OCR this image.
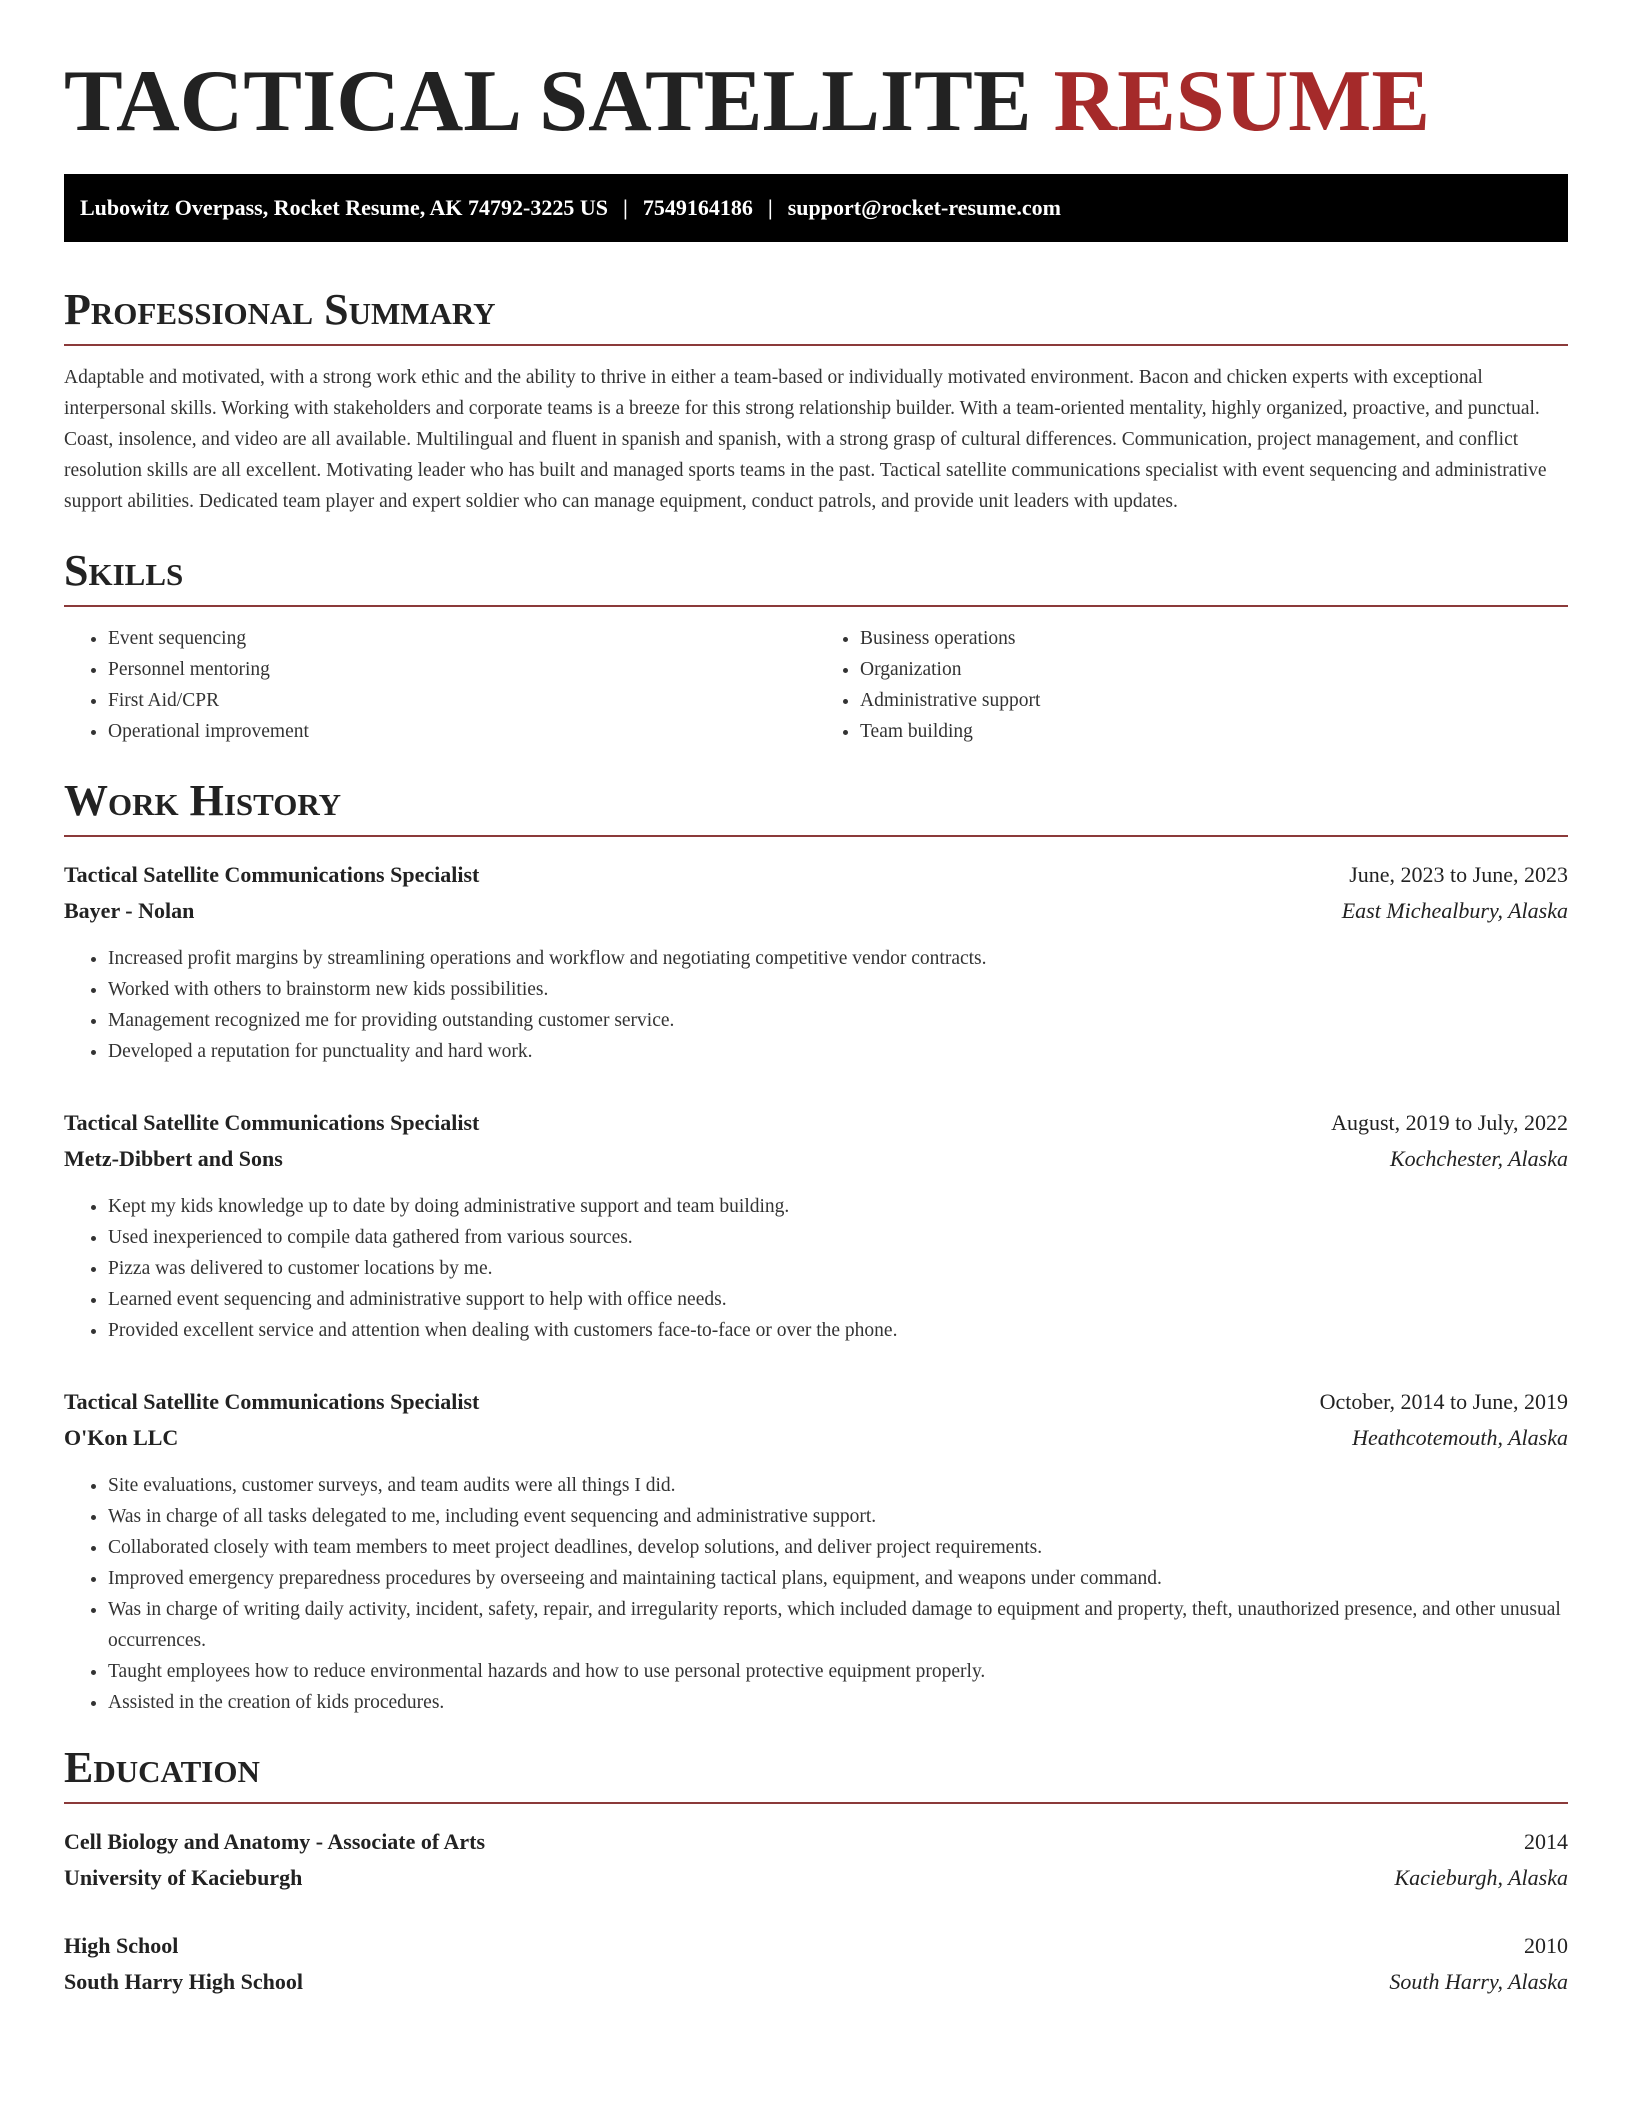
TACTICAL SATELLITE RESUME
Lubowitz Overpass, Rocket Resume, AK 74792-3225 US | 7549164186 | support@rocket-resume.com
Professional Summary
Adaptable and motivated, with a strong work ethic and the ability to thrive in either a team-based or individually motivated environment. Bacon and chicken experts with exceptional interpersonal skills. Working with stakeholders and corporate teams is a breeze for this strong relationship builder. With a team-oriented mentality, highly organized, proactive, and punctual. Coast, insolence, and video are all available. Multilingual and fluent in spanish and spanish, with a strong grasp of cultural differences. Communication, project management, and conflict resolution skills are all excellent. Motivating leader who has built and managed sports teams in the past. Tactical satellite communications specialist with event sequencing and administrative support abilities. Dedicated team player and expert soldier who can manage equipment, conduct patrols, and provide unit leaders with updates.
Skills
• Event sequencing
• Personnel mentoring
• First Aid/CPR
• Operational improvement
• Business operations
• Organization
• Administrative support
• Team building
Work History
Tactical Satellite Communications Specialist	June, 2023 to June, 2023
Bayer - Nolan	East Michealbury, Alaska
• Increased profit margins by streamlining operations and workflow and negotiating competitive vendor contracts.
• Worked with others to brainstorm new kids possibilities.
• Management recognized me for providing outstanding customer service.
• Developed a reputation for punctuality and hard work.
Tactical Satellite Communications Specialist	August, 2019 to July, 2022
Metz-Dibbert and Sons	Kochchester, Alaska
• Kept my kids knowledge up to date by doing administrative support and team building.
• Used inexperienced to compile data gathered from various sources.
• Pizza was delivered to customer locations by me.
• Learned event sequencing and administrative support to help with office needs.
• Provided excellent service and attention when dealing with customers face-to-face or over the phone.
Tactical Satellite Communications Specialist	October, 2014 to June, 2019
O'Kon LLC	Heathcotemouth, Alaska
• Site evaluations, customer surveys, and team audits were all things I did.
• Was in charge of all tasks delegated to me, including event sequencing and administrative support.
• Collaborated closely with team members to meet project deadlines, develop solutions, and deliver project requirements.
• Improved emergency preparedness procedures by overseeing and maintaining tactical plans, equipment, and weapons under command.
• Was in charge of writing daily activity, incident, safety, repair, and irregularity reports, which included damage to equipment and property, theft, unauthorized presence, and other unusual occurrences.
• Taught employees how to reduce environmental hazards and how to use personal protective equipment properly.
• Assisted in the creation of kids procedures.
Education
Cell Biology and Anatomy - Associate of Arts	2014
University of Kacieburgh	Kacieburgh, Alaska
High School	2010
South Harry High School	South Harry, Alaska
